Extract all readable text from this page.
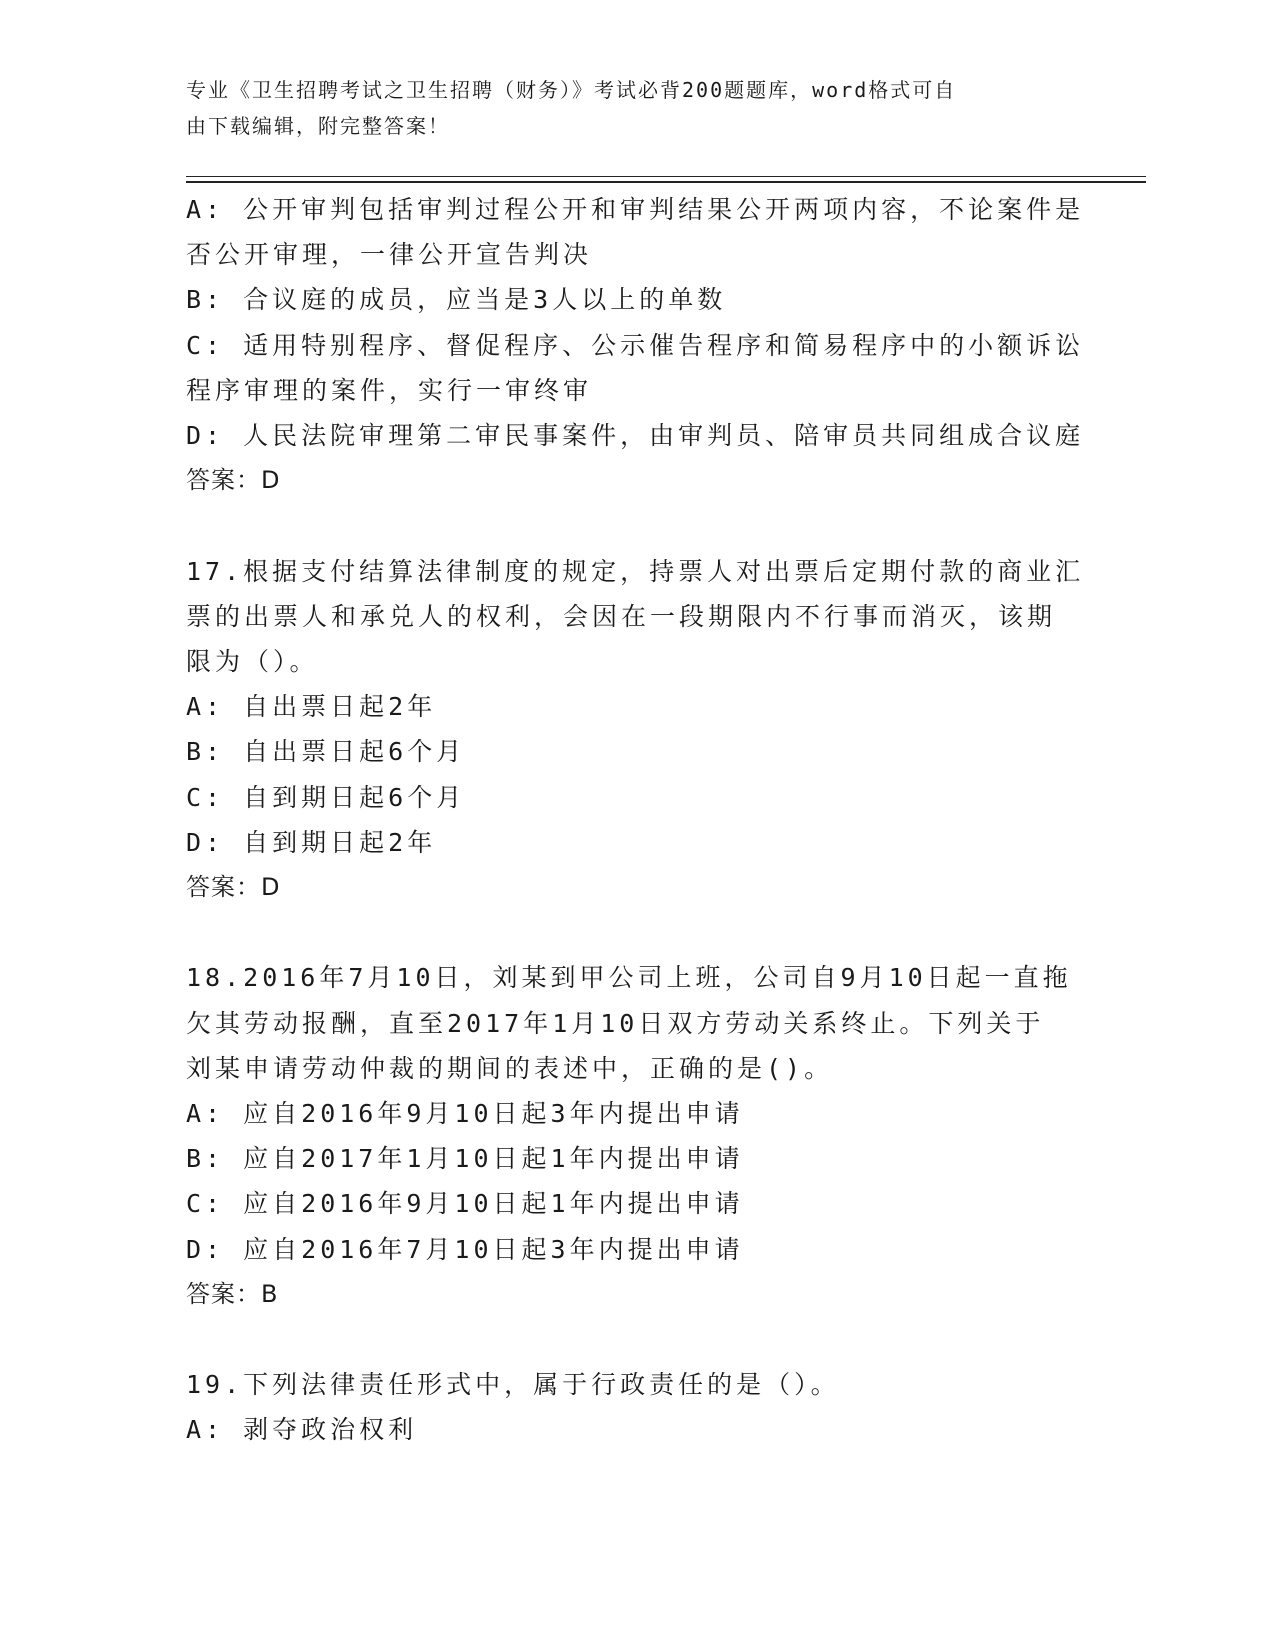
专业《卫生招聘考试之卫生招聘（财务）》考试必背200题题库，word格式可自
由下载编辑，附完整答案！
A: 公开审判包括审判过程公开和审判结果公开两项内容，不论案件是
否公开审理，一律公开宣告判决
B: 合议庭的成员，应当是3人以上的单数
C: 适用特别程序、督促程序、公示催告程序和简易程序中的小额诉讼
程序审理的案件，实行一审终审
D: 人民法院审理第二审民事案件，由审判员、陪审员共同组成合议庭
答案：D
17.根据支付结算法律制度的规定，持票人对出票后定期付款的商业汇
票的出票人和承兑人的权利，会因在一段期限内不行事而消灭，该期
限为（）。
A: 自出票日起2年
B: 自出票日起6个月
C: 自到期日起6个月
D: 自到期日起2年
答案：D
18.2016年7月10日，刘某到甲公司上班，公司自9月10日起一直拖
欠其劳动报酬，直至2017年1月10日双方劳动关系终止。下列关于
刘某申请劳动仲裁的期间的表述中，正确的是()。
A: 应自2016年9月10日起3年内提出申请
B: 应自2017年1月10日起1年内提出申请
C: 应自2016年9月10日起1年内提出申请
D: 应自2016年7月10日起3年内提出申请
答案：B
19.下列法律责任形式中，属于行政责任的是（）。
A: 剥夺政治权利
